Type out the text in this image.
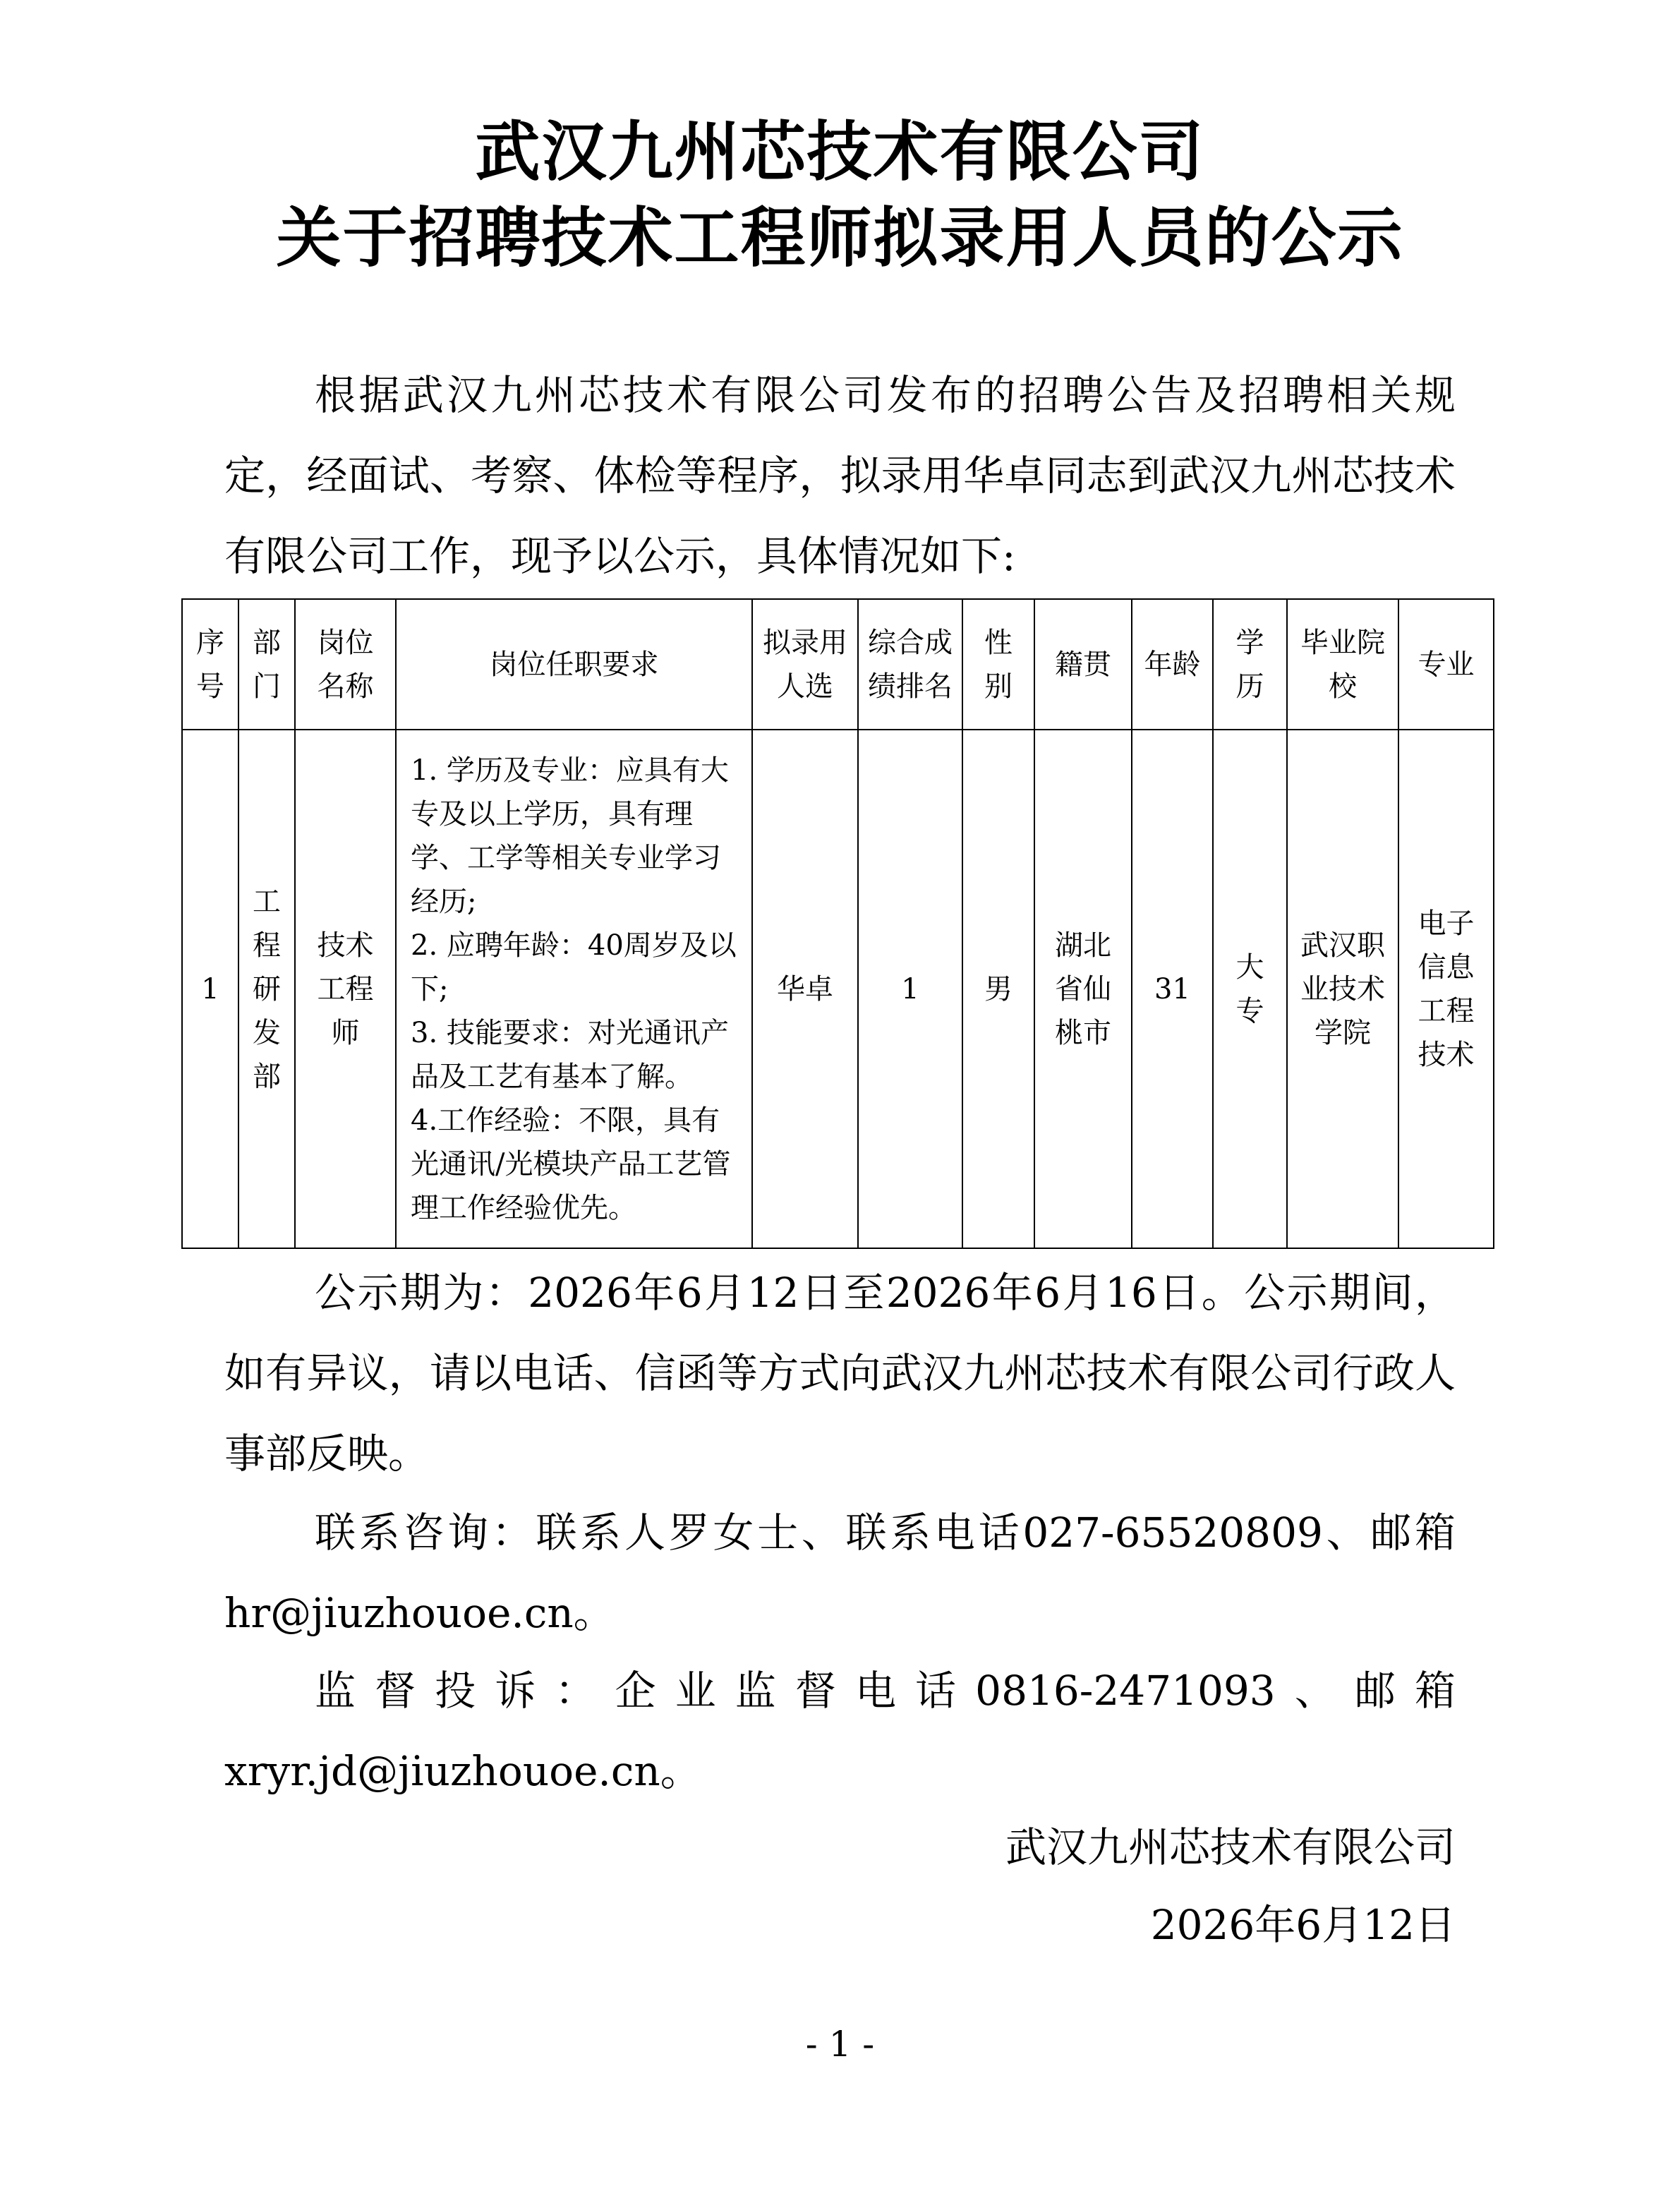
武汉九州芯技术有限公司
关于招聘技术工程师拟录用人员的公示

根据武汉九州芯技术有限公司发布的招聘公告及招聘相关规定，经面试、考察、体检等程序，拟录用华卓同志到武汉九州芯技术有限公司工作，现予以公示，具体情况如下:

序号	部门	岗位名称	岗位任职要求	拟录用人选	综合成绩排名	性别	籍贯	年龄	学历	毕业院校	专业
1	工程研发部	技术工程师	1. 学历及专业：应具有大专及以上学历，具有理学、工学等相关专业学习经历;
2. 应聘年龄：40周岁及以下;
3. 技能要求：对光通讯产品及工艺有基本了解。
4.工作经验：不限，具有光通讯/光模块产品工艺管理工作经验优先。	华卓	1	男	湖北省仙桃市	31	大专	武汉职业技术学院	电子信息工程技术

公示期为：2026年6月12日至2026年6月16日。公示期间，如有异议，请以电话、信函等方式向武汉九州芯技术有限公司行政人事部反映。

联系咨询：联系人罗女士、联系电话027-65520809、邮箱hr@jiuzhouoe.cn。

监督投诉：企业监督电话0816-2471093、邮箱xryr.jd@jiuzhouoe.cn。

武汉九州芯技术有限公司
2026年6月12日
- 1 -
